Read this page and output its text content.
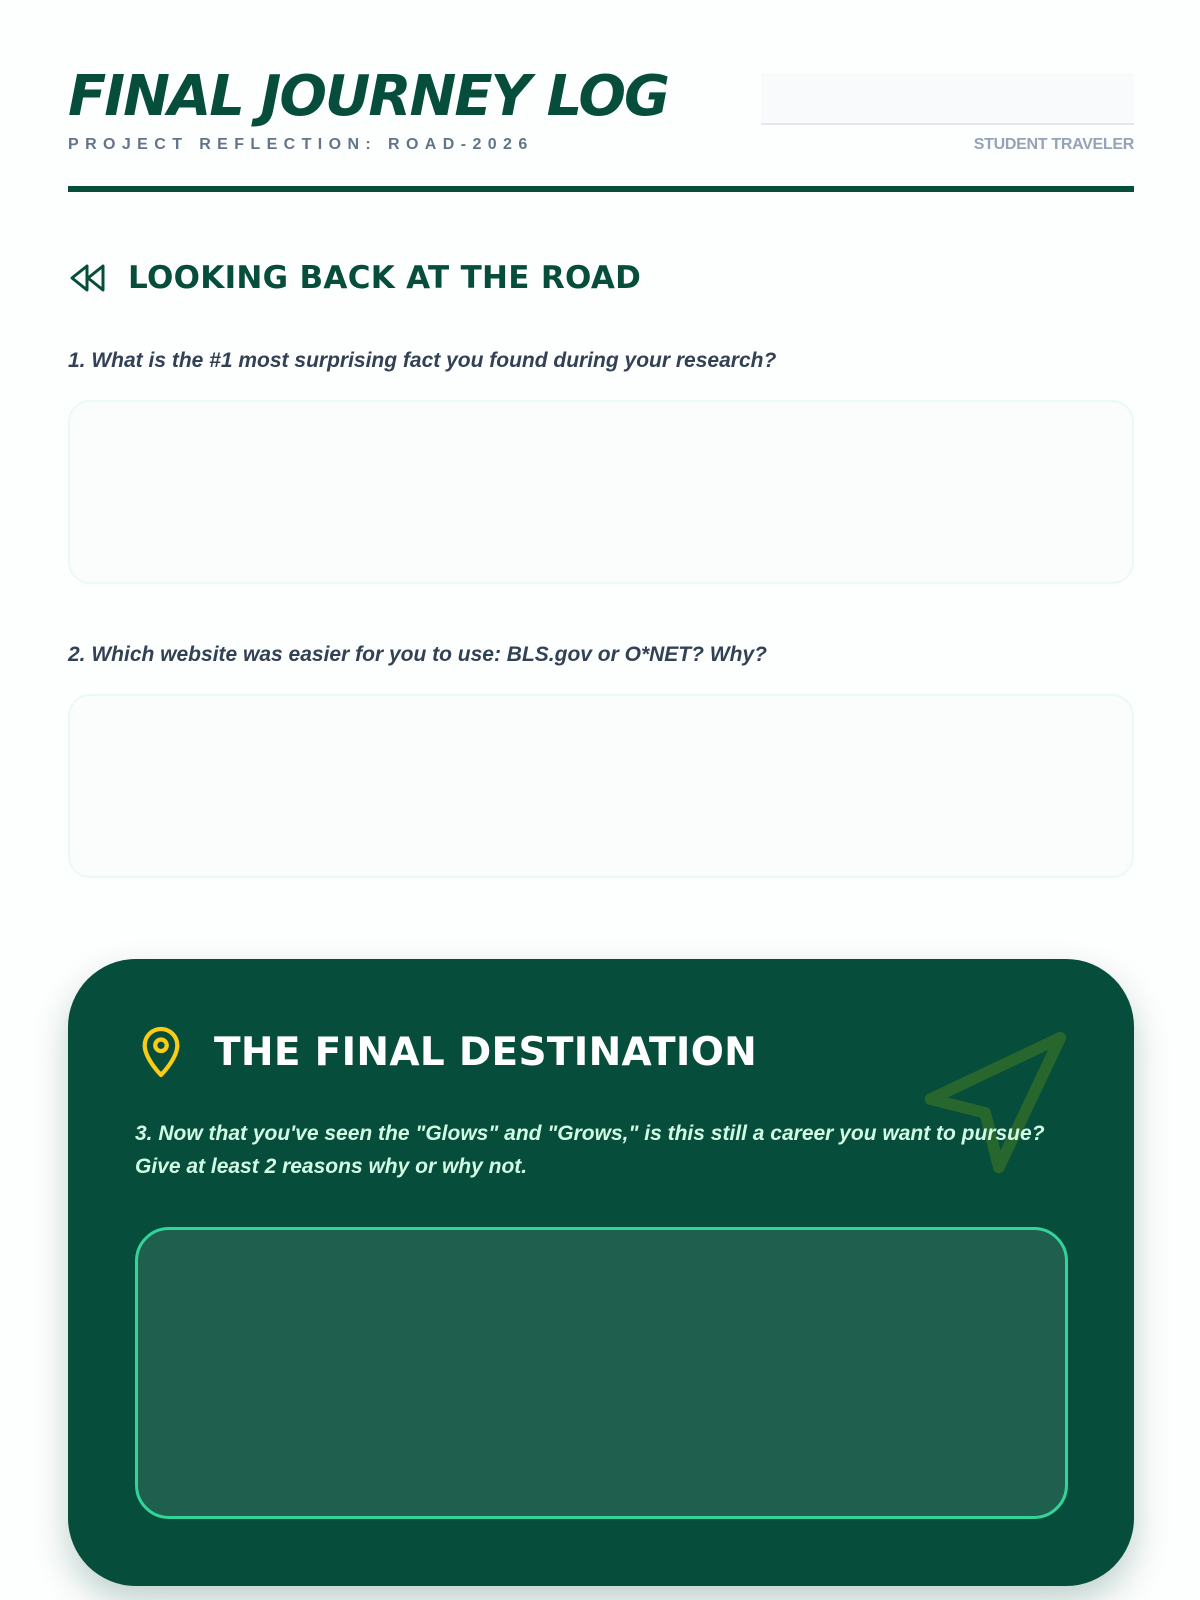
FINAL JOURNEY LOG
PROJECT REFLECTION: ROAD-2026	STUDENT TRAVELER
LOOKING BACK AT THE ROAD
1. What is the #1 most surprising fact you found during your research?
2. Which website was easier for you to use: BLS.gov or O*NET? Why?
THE FINAL DESTINATION
3. Now that you've seen the "Glows" and "Grows," is this still a career you want to pursue?
Give at least 2 reasons why or why not.
